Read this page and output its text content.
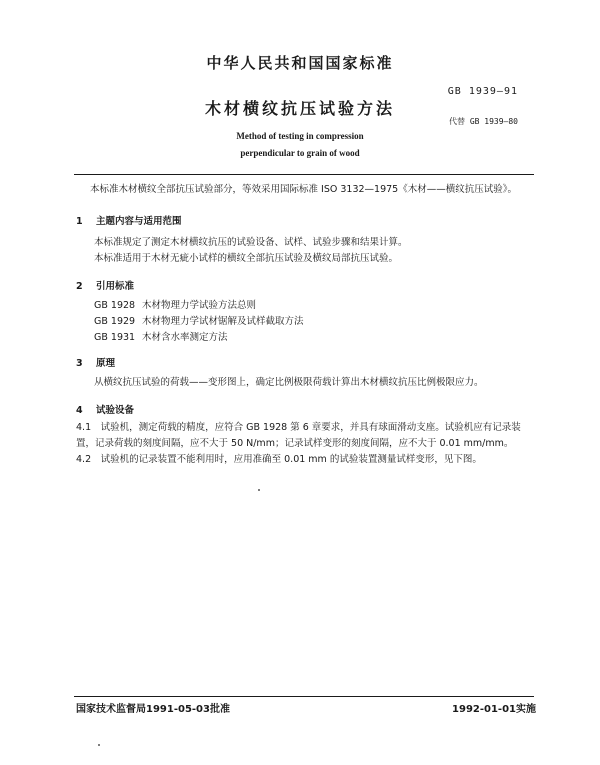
中华人民共和国国家标准
GB 1939—91
木材横纹抗压试验方法
代替 GB 1939—80
Method of testing in compression
perpendicular to grain of wood
本标准木材横纹全部抗压试验部分，等效采用国际标准 ISO 3132—1975《木材——横纹抗压试验》。
1 主题内容与适用范围
本标准规定了测定木材横纹抗压的试验设备、试样、试验步骤和结果计算。
本标准适用于木材无疵小试样的横纹全部抗压试验及横纹局部抗压试验。
2 引用标准
GB 1928 木材物理力学试验方法总则
GB 1929 木材物理力学试材锯解及试样截取方法
GB 1931 木材含水率测定方法
3 原理
从横纹抗压试验的荷载——变形图上，确定比例极限荷载计算出木材横纹抗压比例极限应力。
4 试验设备
4.1　试验机，测定荷载的精度，应符合 GB 1928 第 6 章要求，并具有球面滑动支座。试验机应有记录装置，记录荷载的刻度间隔，应不大于 50 N/mm；记录试样变形的刻度间隔，应不大于 0.01 mm/mm。
4.2　试验机的记录装置不能利用时，应用准确至 0.01 mm 的试验装置测量试样变形，见下图。
国家技术监督局1991-05-03批准	1992-01-01实施
